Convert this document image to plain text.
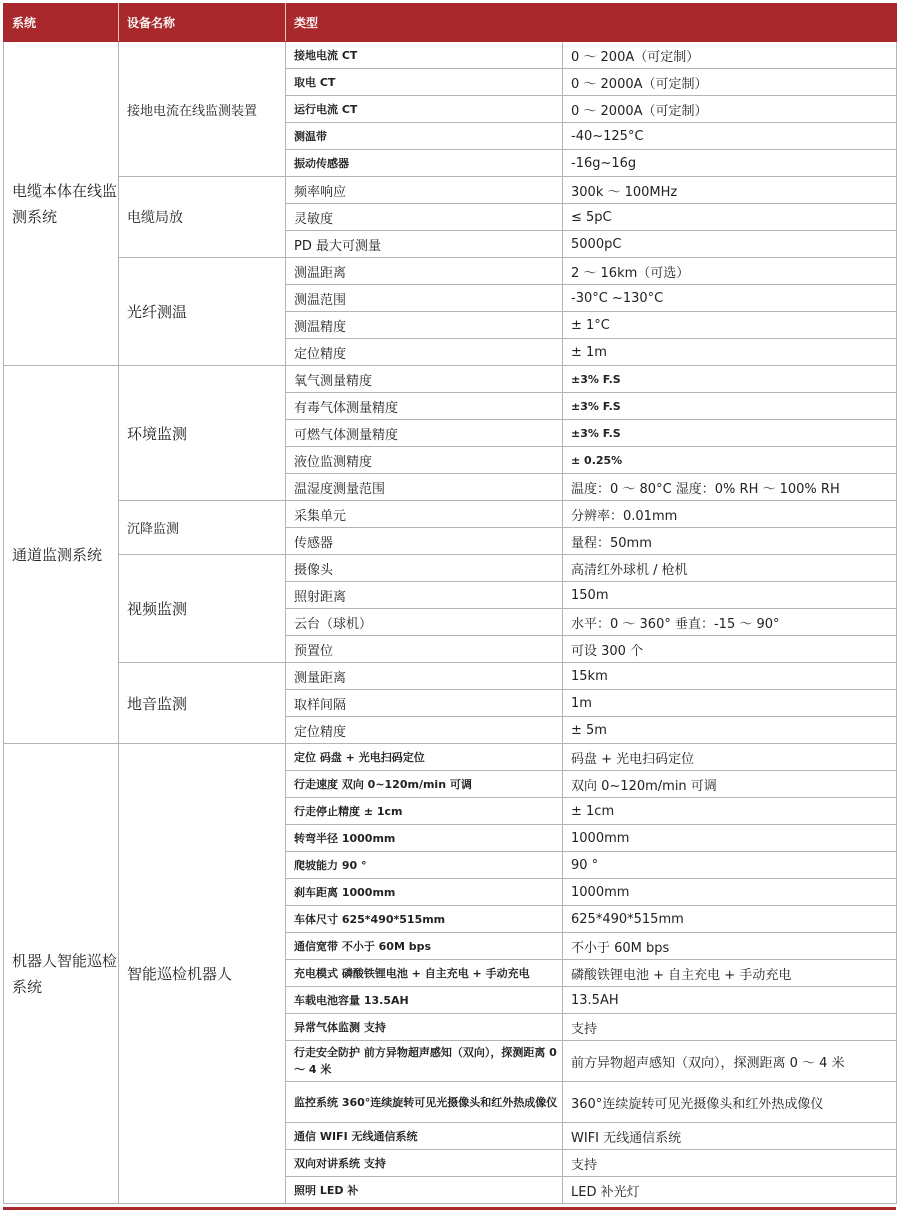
系统	设备名称	类型	
电缆本体在线监测系统	接地电流在线监测装置	接地电流 CT	0 ～ 200A（可定制）
		取电 CT	0 ～ 2000A（可定制）
		运行电流 CT	0 ～ 2000A（可定制）
		测温带	-40~125°C
		振动传感器	-16g~16g
	电缆局放	频率响应	300k ～ 100MHz
		灵敏度	≤ 5pC
		PD 最大可测量	5000pC
	光纤测温	测温距离	2 ～ 16km（可选）
		测温范围	-30°C ~130°C
		测温精度	± 1°C
		定位精度	± 1m
通道监测系统	环境监测	氧气测量精度	±3% F.S
		有毒气体测量精度	±3% F.S
		可燃气体测量精度	±3% F.S
		液位监测精度	± 0.25%
		温湿度测量范围	温度：0 ～ 80°C 湿度：0% RH ～ 100% RH
	沉降监测	采集单元	分辨率：0.01mm
		传感器	量程：50mm
	视频监测	摄像头	高清红外球机 / 枪机
		照射距离	150m
		云台（球机）	水平：0 ～ 360° 垂直：-15 ～ 90°
		预置位	可设 300 个
	地音监测	测量距离	15km
		取样间隔	1m
		定位精度	± 5m
机器人智能巡检系统	智能巡检机器人	定位 码盘 + 光电扫码定位	码盘 + 光电扫码定位
		行走速度 双向 0~120m/min 可调	双向 0~120m/min 可调
		行走停止精度 ± 1cm	± 1cm
		转弯半径 1000mm	1000mm
		爬坡能力 90 °	90 °
		刹车距离 1000mm	1000mm
		车体尺寸 625*490*515mm	625*490*515mm
		通信宽带 不小于 60M bps	不小于 60M bps
		充电模式 磷酸铁锂电池 + 自主充电 + 手动充电	磷酸铁锂电池 + 自主充电 + 手动充电
		车载电池容量 13.5AH	13.5AH
		异常气体监测 支持	支持
		行走安全防护 前方异物超声感知（双向），探测距离 0 ～ 4 米	前方异物超声感知（双向），探测距离 0 ～ 4 米
		监控系统 360°连续旋转可见光摄像头和红外热成像仪	360°连续旋转可见光摄像头和红外热成像仪
		通信 WIFI 无线通信系统	WIFI 无线通信系统
		双向对讲系统 支持	支持
		照明 LED 补	LED 补光灯
